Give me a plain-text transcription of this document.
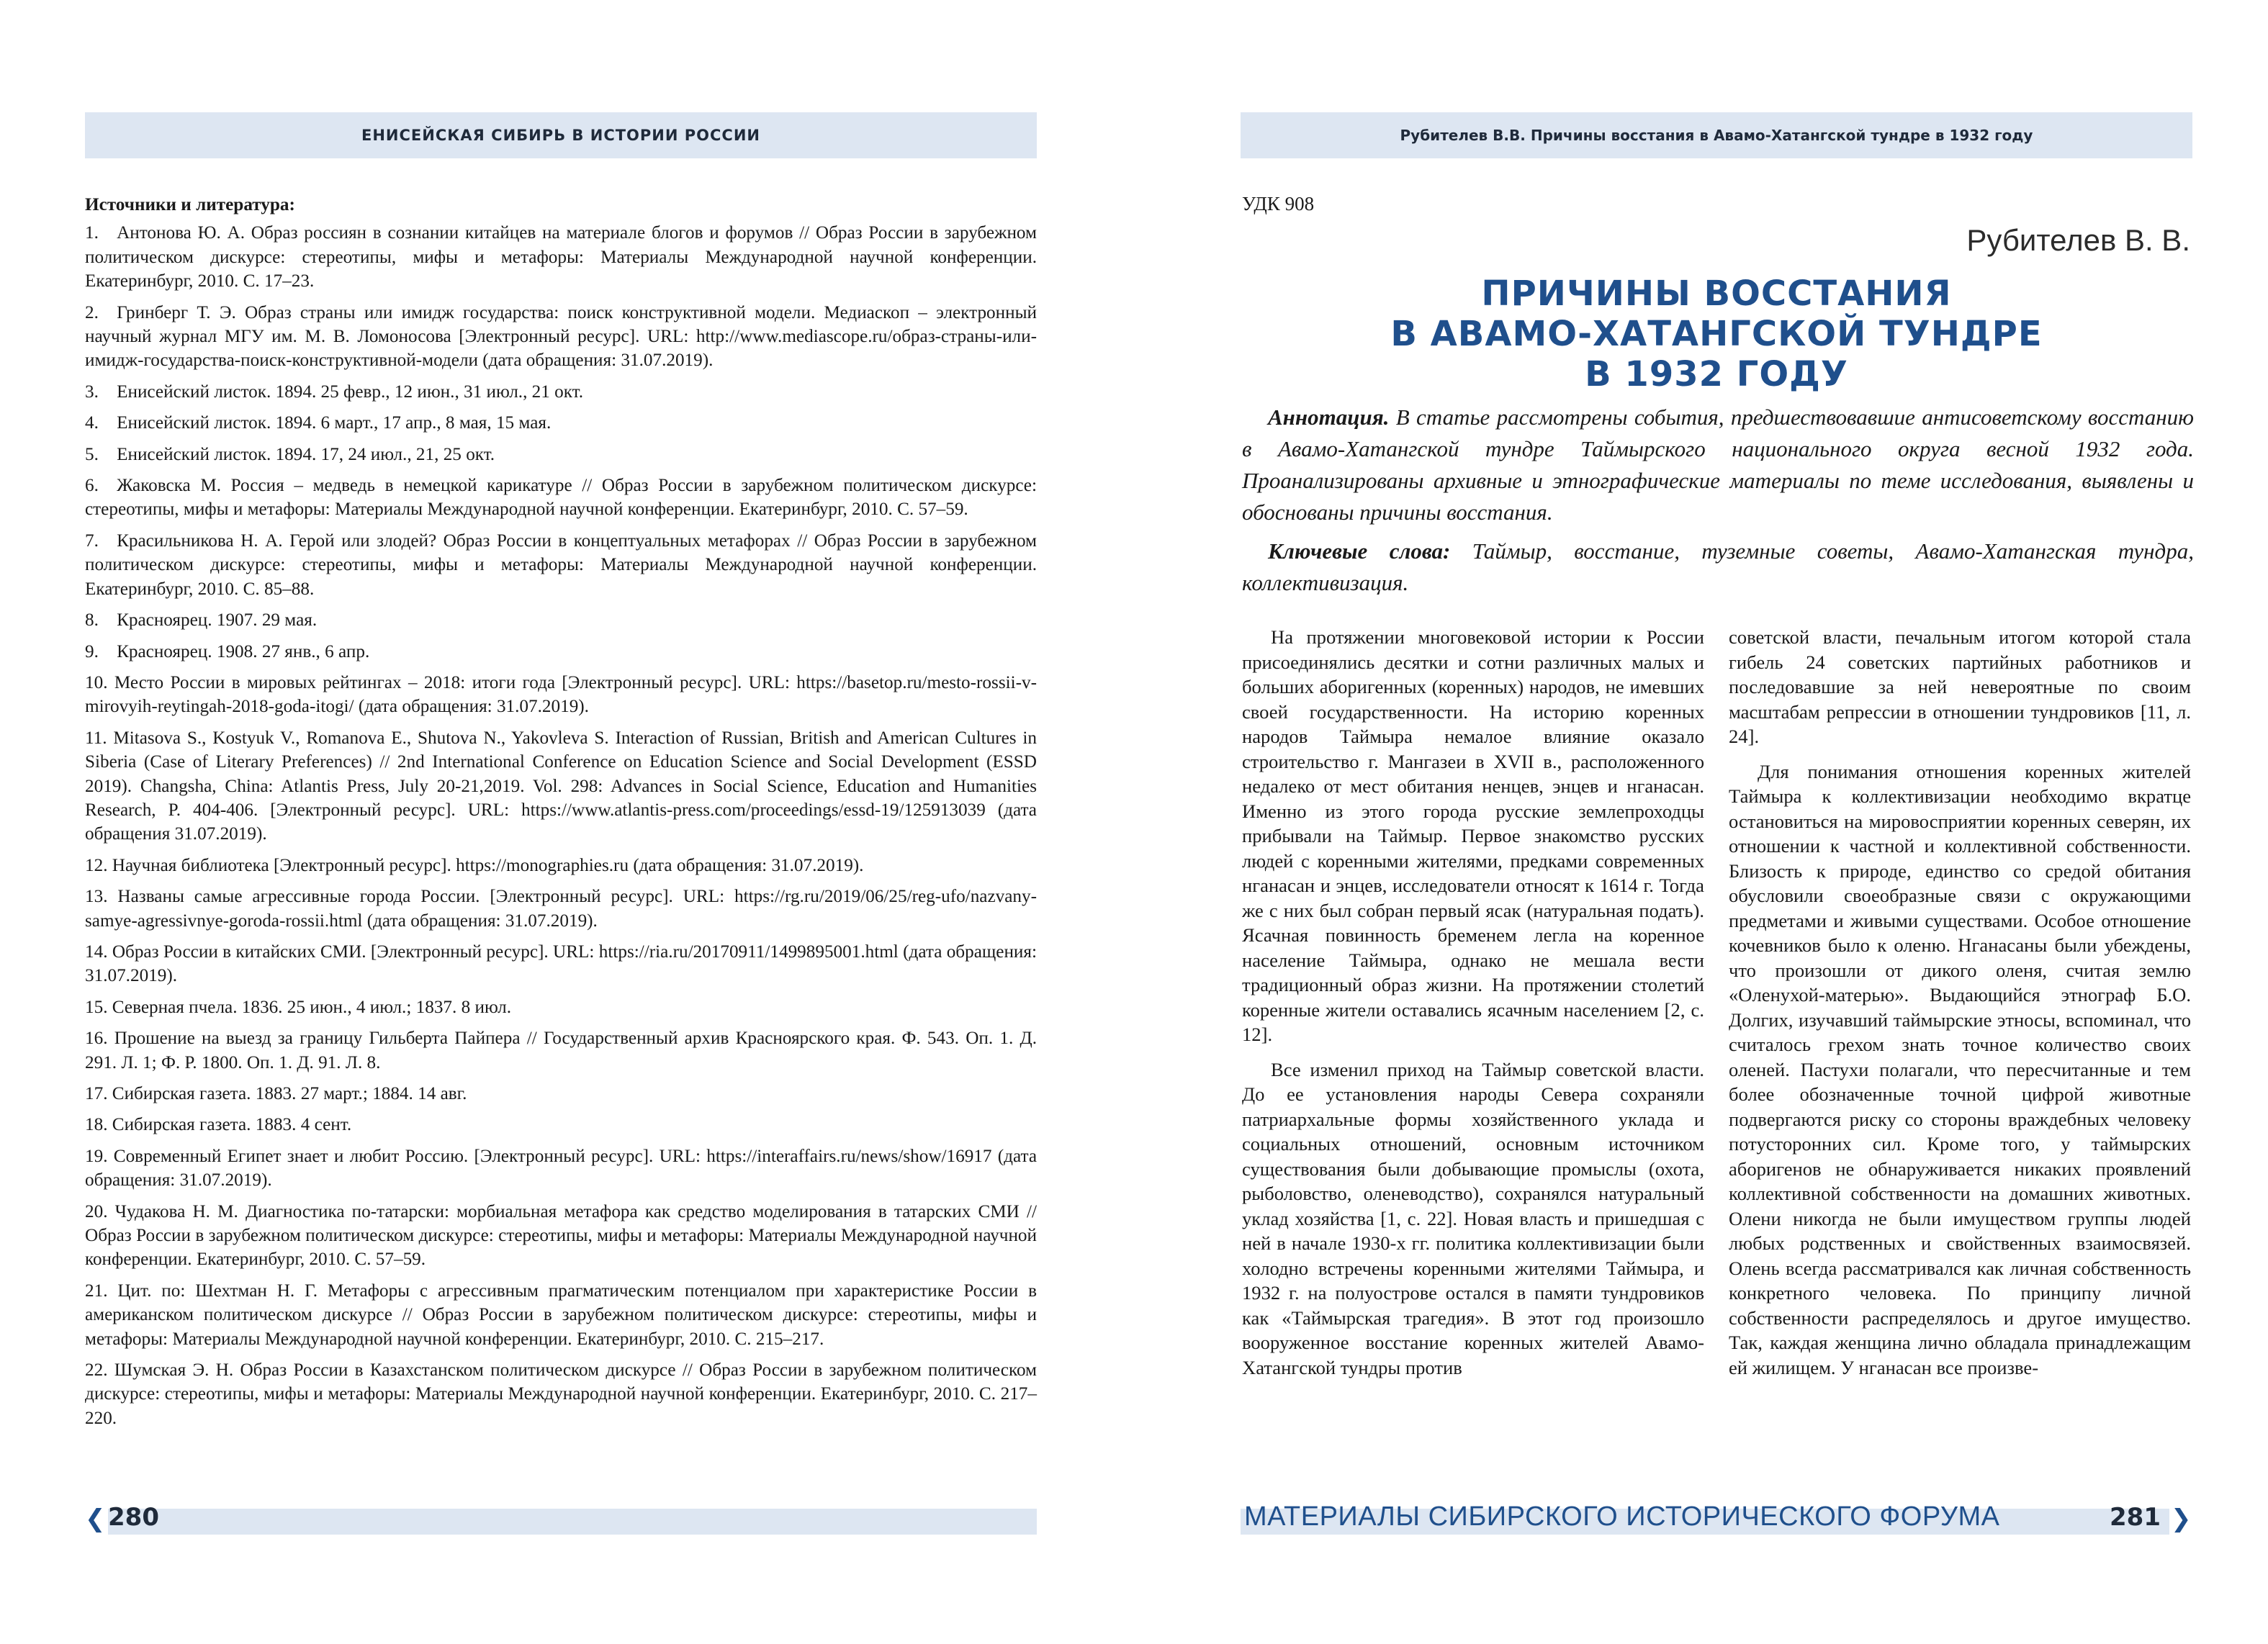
ЕНИСЕЙСКАЯ СИБИРЬ В ИСТОРИИ РОССИИ
Источники и литература:
1. Антонова Ю. А. Образ россиян в сознании китайцев на материале блогов и форумов // Образ России в зарубежном политическом дискурсе: стереотипы, мифы и метафоры: Материалы Международной научной конференции. Екатеринбург, 2010. С. 17–23.
2. Гринберг Т. Э. Образ страны или имидж государства: поиск конструктивной модели. Медиаскоп – электронный научный журнал МГУ им. М. В. Ломоносова [Электронный ресурс]. URL: http://www.mediascope.ru/образ-страны-или-имидж-государства-поиск-конструктивной-модели (дата обращения: 31.07.2019).
3. Енисейский листок. 1894. 25 февр., 12 июн., 31 июл., 21 окт.
4. Енисейский листок. 1894. 6 март., 17 апр., 8 мая, 15 мая.
5. Енисейский листок. 1894. 17, 24 июл., 21, 25 окт.
6. Жаковска М. Россия – медведь в немецкой карикатуре // Образ России в зарубежном политическом дискурсе: стереотипы, мифы и метафоры: Материалы Международной научной конференции. Екатеринбург, 2010. С. 57–59.
7. Красильникова Н. А. Герой или злодей? Образ России в концептуальных метафорах // Образ России в зарубежном политическом дискурсе: стереотипы, мифы и метафоры: Материалы Международной научной конференции. Екатеринбург, 2010. С. 85–88.
8. Красноярец. 1907. 29 мая.
9. Красноярец. 1908. 27 янв., 6 апр.
10. Место России в мировых рейтингах – 2018: итоги года [Электронный ресурс]. URL: https://basetop.ru/mesto-rossii-v-mirovyih-reytingah-2018-goda-itogi/ (дата обращения: 31.07.2019).
11. Mitasova S., Kostyuk V., Romanova E., Shutova N., Yakovleva S. Interaction of Russian, British and American Cultures in Siberia (Case of Literary Preferences) // 2nd International Conference on Education Science and Social Development (ESSD 2019). Changsha, China: Atlantis Press, July 20-21,2019. Vol. 298: Advances in Social Science, Education and Humanities Research, P. 404-406. [Электронный ресурс]. URL: https://www.atlantis-press.com/proceedings/essd-19/125913039 (дата обращения 31.07.2019).
12. Научная библиотека [Электронный ресурс]. https://monographies.ru (дата обращения: 31.07.2019).
13. Названы самые агрессивные города России. [Электронный ресурс]. URL: https://rg.ru/2019/06/25/reg-ufo/nazvany-samye-agressivnye-goroda-rossii.html (дата обращения: 31.07.2019).
14. Образ России в китайских СМИ. [Электронный ресурс]. URL: https://ria.ru/20170911/1499895001.html (дата обращения: 31.07.2019).
15. Северная пчела. 1836. 25 июн., 4 июл.; 1837. 8 июл.
16. Прошение на выезд за границу Гильберта Пайпера // Государственный архив Красноярского края. Ф. 543. Оп. 1. Д. 291. Л. 1; Ф. Р. 1800. Оп. 1. Д. 91. Л. 8.
17. Сибирская газета. 1883. 27 март.; 1884. 14 авг.
18. Сибирская газета. 1883. 4 сент.
19. Современный Египет знает и любит Россию. [Электронный ресурс]. URL: https://interaffairs.ru/news/show/16917 (дата обращения: 31.07.2019).
20. Чудакова Н. М. Диагностика по-татарски: морбиальная метафора как средство моделирования в татарских СМИ // Образ России в зарубежном политическом дискурсе: стереотипы, мифы и метафоры: Материалы Международной научной конференции. Екатеринбург, 2010. С. 57–59.
21. Цит. по: Шехтман Н. Г. Метафоры с агрессивным прагматическим потенциалом при характеристике России в американском политическом дискурсе // Образ России в зарубежном политическом дискурсе: стереотипы, мифы и метафоры: Материалы Международной научной конференции. Екатеринбург, 2010. С. 215–217.
22. Шумская Э. Н. Образ России в Казахстанском политическом дискурсе // Образ России в зарубежном политическом дискурсе: стереотипы, мифы и метафоры: Материалы Международной научной конференции. Екатеринбург, 2010. С. 217–220.
❮ 280
Рубителев В.В. Причины восстания в Авамо-Хатангской тундре в 1932 году
УДК 908
Рубителев В. В.
ПРИЧИНЫ ВОССТАНИЯ
В АВАМО-ХАТАНГСКОЙ ТУНДРЕ
В 1932 ГОДУ
Аннотация. В статье рассмотрены события, предшествовавшие антисоветскому восстанию в Авамо-Хатангской тундре Таймырского национального округа весной 1932 года. Проанализированы архивные и этнографические материалы по теме исследования, выявлены и обоснованы причины восстания.
Ключевые слова: Таймыр, восстание, туземные советы, Авамо-Хатангская тундра, коллективизация.

На протяжении многовековой истории к России присоединялись десятки и сотни различных малых и больших аборигенных (коренных) народов, не имевших своей государственности. На историю коренных народов Таймыра немалое влияние оказало строительство г. Мангазеи в XVII в., расположенного недалеко от мест обитания ненцев, энцев и нганасан. Именно из этого города русские землепроходцы прибывали на Таймыр. Первое знакомство русских людей с коренными жителями, предками современных нганасан и энцев, исследователи относят к 1614 г. Тогда же с них был собран первый ясак (натуральная подать). Ясачная повинность бременем легла на коренное население Таймыра, однако не мешала вести традиционный образ жизни. На протяжении столетий коренные жители оставались ясачным населением [2, с. 12].

Все изменил приход на Таймыр советской власти. До ее установления народы Севера сохраняли патриархальные формы хозяйственного уклада и социальных отношений, основным источником существования были добывающие промыслы (охота, рыболовство, оленеводство), сохранялся натуральный уклад хозяйства [1, с. 22]. Новая власть и пришедшая с ней в начале 1930-х гг. политика коллективизации были холодно встречены коренными жителями Таймыра, и 1932 г. на полуострове остался в памяти тундровиков как «Таймырская трагедия». В этот год произошло вооруженное восстание коренных жителей Авамо-Хатангской тундры против

советской власти, печальным итогом которой стала гибель 24 советских партийных работников и последовавшие за ней невероятные по своим масштабам репрессии в отношении тундровиков [11, л. 24].

Для понимания отношения коренных жителей Таймыра к коллективизации необходимо вкратце остановиться на мировосприятии коренных северян, их отношении к частной и коллективной собственности. Близость к природе, единство со средой обитания обусловили своеобразные связи с окружающими предметами и живыми существами. Особое отношение кочевников было к оленю. Нганасаны были убеждены, что произошли от дикого оленя, считая землю «Оленухой-матерью». Выдающийся этнограф Б.О. Долгих, изучавший таймырские этносы, вспоминал, что считалось грехом знать точное количество своих оленей. Пастухи полагали, что пересчитанные и тем более обозначенные точной цифрой животные подвергаются риску со стороны враждебных человеку потусторонних сил. Кроме того, у таймырских аборигенов не обнаруживается никаких проявлений коллективной собственности на домашних животных. Олени никогда не были имуществом группы людей любых родственных и свойственных взаимосвязей. Олень всегда рассматривался как личная собственность конкретного человека. По принципу личной собственности распределялось и другое имущество. Так, каждая женщина лично обладала принадлежащим ей жилищем. У нганасан все произве-

МАТЕРИАЛЫ СИБИРСКОГО ИСТОРИЧЕСКОГО ФОРУМА	281 ❯
